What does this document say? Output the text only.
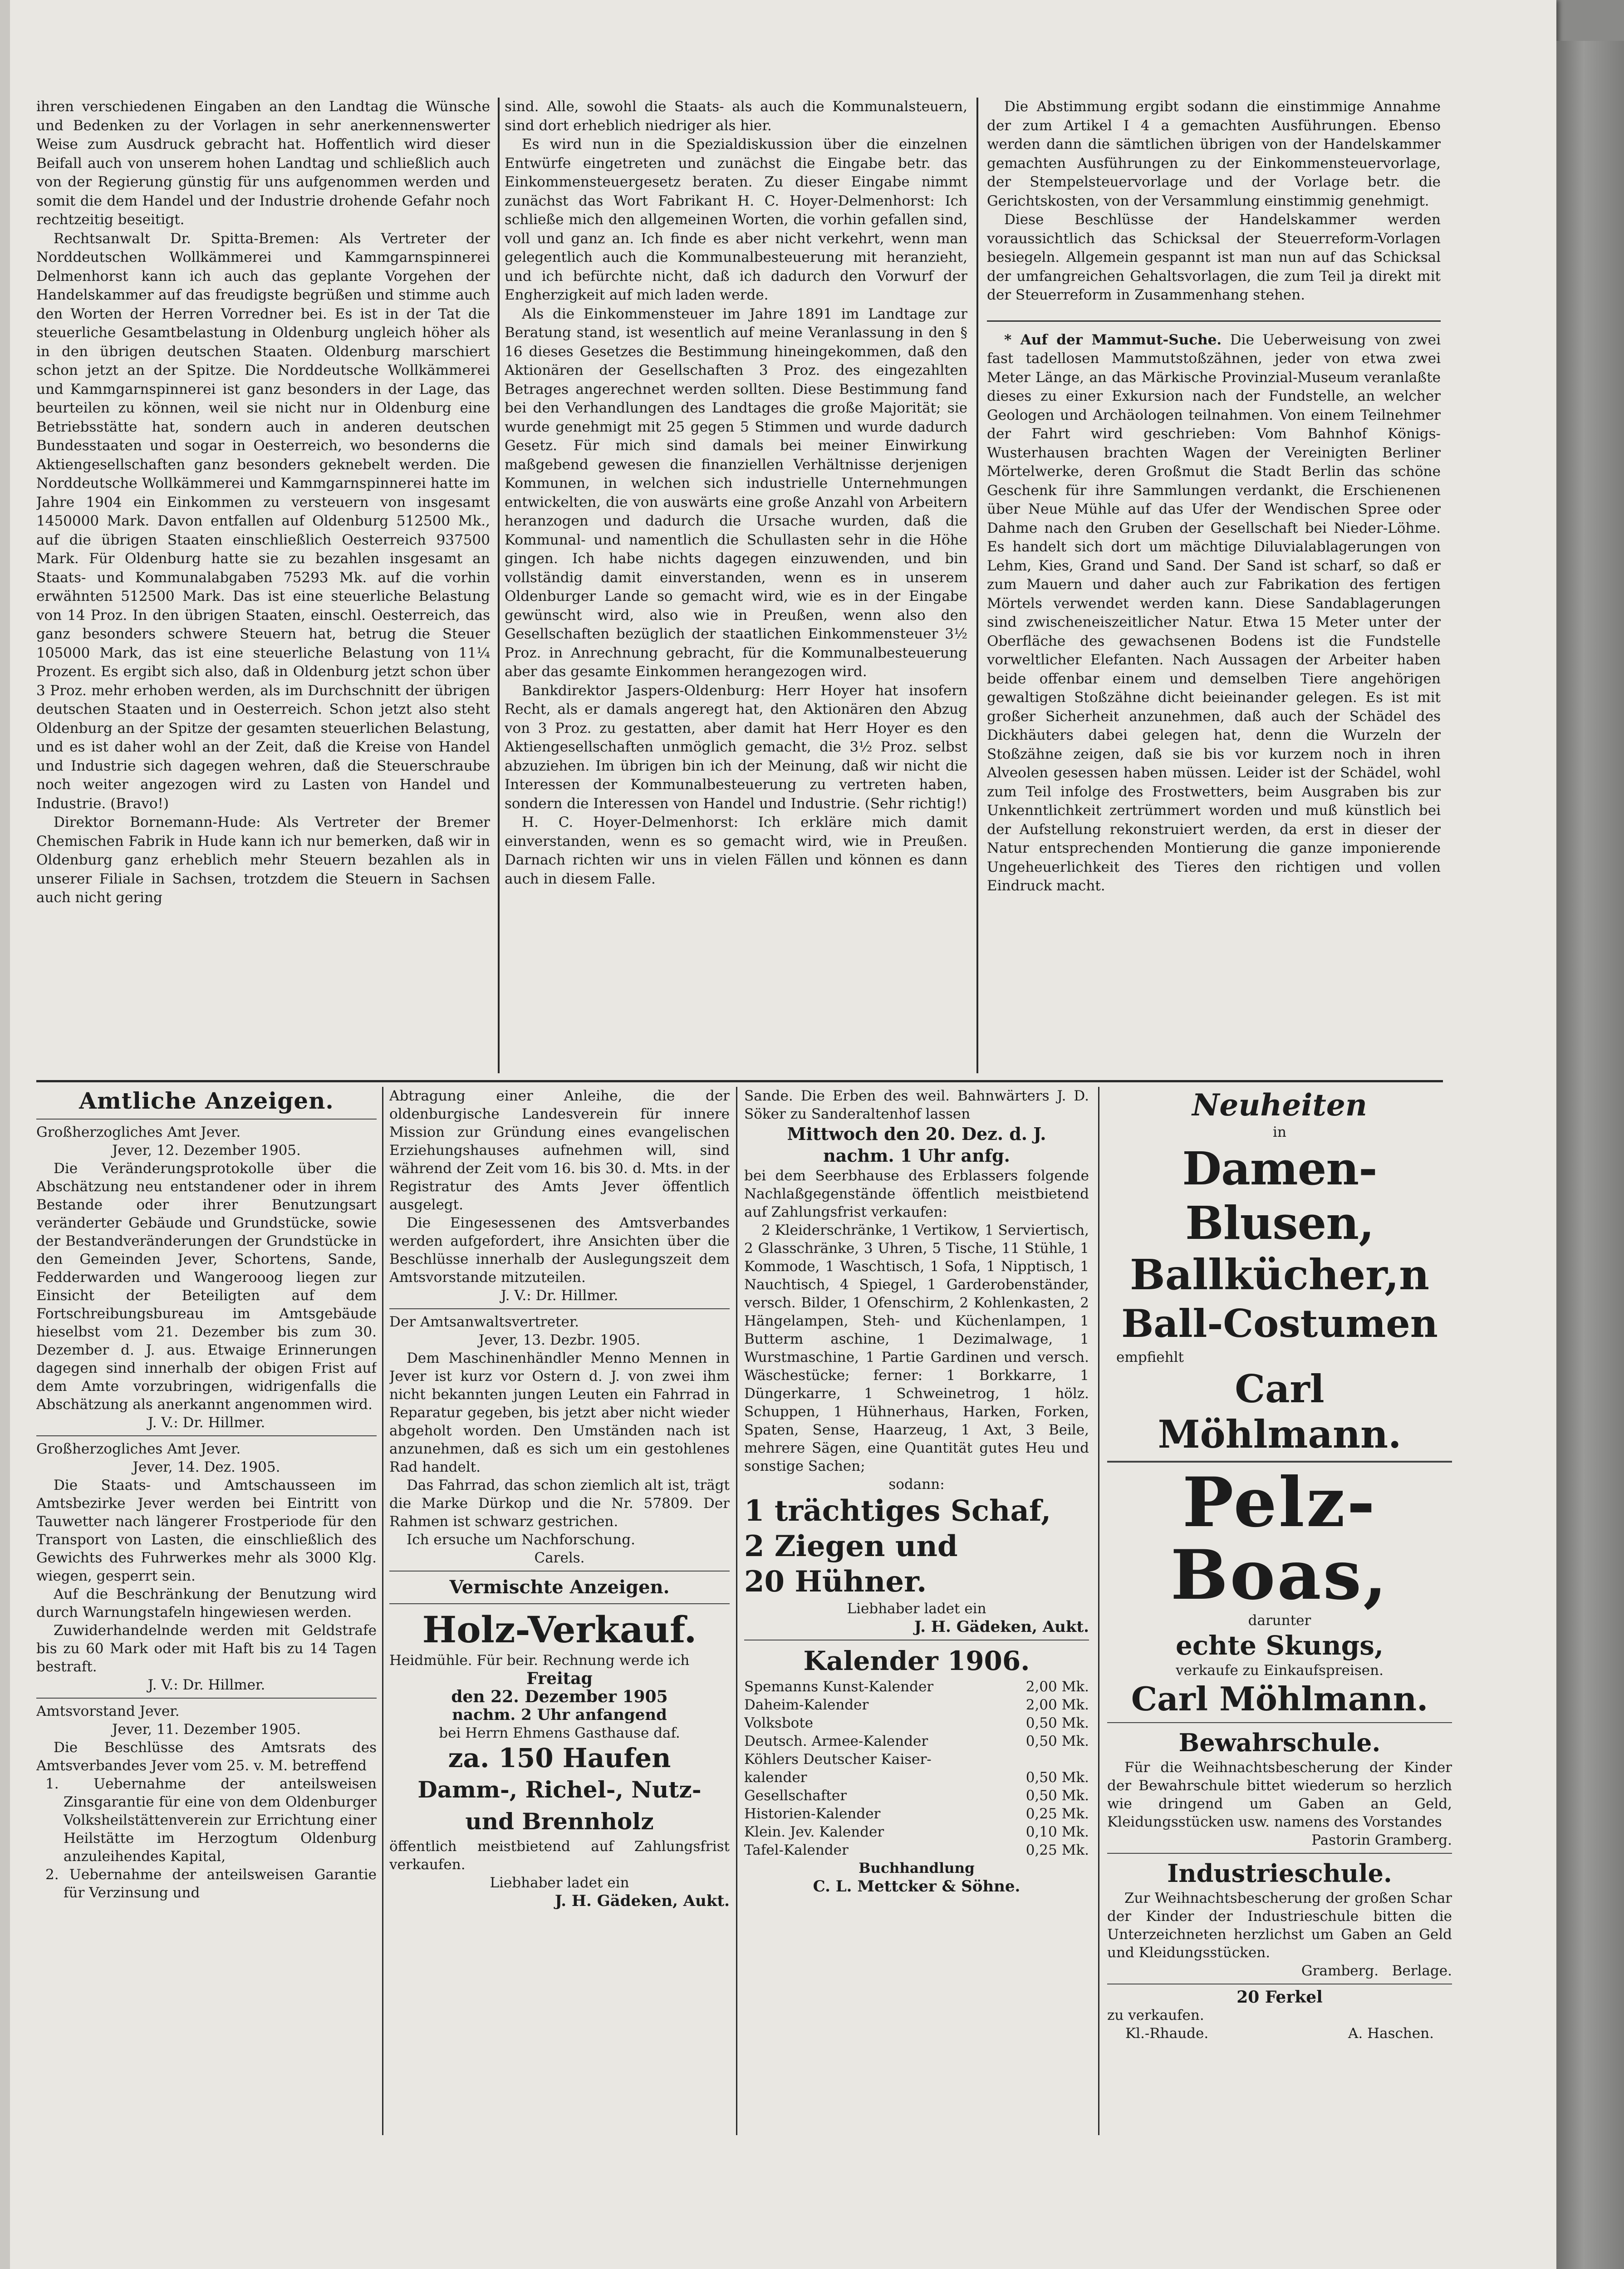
ihren verschiedenen Eingaben an den Landtag die Wünsche und Bedenken zu der Vorlagen in sehr anerkennenswerter Weise zum Ausdruck gebracht hat. Hoffentlich wird dieser Beifall auch von unserem hohen Landtag und schließlich auch von der Regierung günstig für uns aufgenommen werden und somit die dem Handel und der Industrie drohende Gefahr noch rechtzeitig beseitigt.

Rechtsanwalt Dr. Spitta-Bremen: Als Vertreter der Norddeutschen Wollkämmerei und Kammgarnspinnerei Delmenhorst kann ich auch das geplante Vorgehen der Handelskammer auf das freudigste begrüßen und stimme auch den Worten der Herren Vorredner bei. Es ist in der Tat die steuerliche Gesamtbelastung in Oldenburg ungleich höher als in den übrigen deutschen Staaten. Oldenburg marschiert schon jetzt an der Spitze. Die Norddeutsche Wollkämmerei und Kammgarnspinnerei ist ganz besonders in der Lage, das beurteilen zu können, weil sie nicht nur in Oldenburg eine Betriebsstätte hat, sondern auch in anderen deutschen Bundesstaaten und sogar in Oesterreich, wo besonderns die Aktiengesellschaften ganz besonders geknebelt werden. Die Norddeutsche Wollkämmerei und Kammgarnspinnerei hatte im Jahre 1904 ein Einkommen zu versteuern von insgesamt 1450000 Mark. Davon entfallen auf Oldenburg 512500 Mk., auf die übrigen Staaten einschließlich Oesterreich 937500 Mark. Für Oldenburg hatte sie zu bezahlen insgesamt an Staats- und Kommunalabgaben 75293 Mk. auf die vorhin erwähnten 512500 Mark. Das ist eine steuerliche Belastung von 14 Proz. In den übrigen Staaten, einschl. Oesterreich, das ganz besonders schwere Steuern hat, betrug die Steuer 105000 Mark, das ist eine steuerliche Belastung von 11¼ Prozent. Es ergibt sich also, daß in Oldenburg jetzt schon über 3 Proz. mehr erhoben werden, als im Durchschnitt der übrigen deutschen Staaten und in Oesterreich. Schon jetzt also steht Oldenburg an der Spitze der gesamten steuerlichen Belastung, und es ist daher wohl an der Zeit, daß die Kreise von Handel und Industrie sich dagegen wehren, daß die Steuerschraube noch weiter angezogen wird zu Lasten von Handel und Industrie. (Bravo!)

Direktor Bornemann-Hude: Als Vertreter der Bremer Chemischen Fabrik in Hude kann ich nur bemerken, daß wir in Oldenburg ganz erheblich mehr Steuern bezahlen als in unserer Filiale in Sachsen, trotzdem die Steuern in Sachsen auch nicht gering

sind. Alle, sowohl die Staats- als auch die Kommunalsteuern, sind dort erheblich niedriger als hier.

Es wird nun in die Spezialdiskussion über die einzelnen Entwürfe eingetreten und zunächst die Eingabe betr. das Einkommensteuergesetz beraten. Zu dieser Eingabe nimmt zunächst das Wort Fabrikant H. C. Hoyer-Delmenhorst: Ich schließe mich den allgemeinen Worten, die vorhin gefallen sind, voll und ganz an. Ich finde es aber nicht verkehrt, wenn man gelegentlich auch die Kommunalbesteuerung mit heranzieht, und ich befürchte nicht, daß ich dadurch den Vorwurf der Engherzigkeit auf mich laden werde.

Als die Einkommensteuer im Jahre 1891 im Landtage zur Beratung stand, ist wesentlich auf meine Veranlassung in den § 16 dieses Gesetzes die Bestimmung hineingekommen, daß den Aktionären der Gesellschaften 3 Proz. des eingezahlten Betrages angerechnet werden sollten. Diese Bestimmung fand bei den Verhandlungen des Landtages die große Majorität; sie wurde genehmigt mit 25 gegen 5 Stimmen und wurde dadurch Gesetz. Für mich sind damals bei meiner Einwirkung maßgebend gewesen die finanziellen Verhältnisse derjenigen Kommunen, in welchen sich industrielle Unternehmungen entwickelten, die von auswärts eine große Anzahl von Arbeitern heranzogen und dadurch die Ursache wurden, daß die Kommunal- und namentlich die Schullasten sehr in die Höhe gingen. Ich habe nichts dagegen einzuwenden, und bin vollständig damit einverstanden, wenn es in unserem Oldenburger Lande so gemacht wird, wie es in der Eingabe gewünscht wird, also wie in Preußen, wenn also den Gesellschaften bezüglich der staatlichen Einkommensteuer 3½ Proz. in Anrechnung gebracht, für die Kommunalbesteuerung aber das gesamte Einkommen herangezogen wird.

Bankdirektor Jaspers-Oldenburg: Herr Hoyer hat insofern Recht, als er damals angeregt hat, den Aktionären den Abzug von 3 Proz. zu gestatten, aber damit hat Herr Hoyer es den Aktiengesellschaften unmöglich gemacht, die 3½ Proz. selbst abzuziehen. Im übrigen bin ich der Meinung, daß wir nicht die Interessen der Kommunalbesteuerung zu vertreten haben, sondern die Interessen von Handel und Industrie. (Sehr richtig!)

H. C. Hoyer-Delmenhorst: Ich erkläre mich damit einverstanden, wenn es so gemacht wird, wie in Preußen. Darnach richten wir uns in vielen Fällen und können es dann auch in diesem Falle.

Die Abstimmung ergibt sodann die einstimmige Annahme der zum Artikel I 4 a gemachten Ausführungen. Ebenso werden dann die sämtlichen übrigen von der Handelskammer gemachten Ausführungen zu der Einkommensteuervorlage, der Stempelsteuervorlage und der Vorlage betr. die Gerichtskosten, von der Versammlung einstimmig genehmigt.

Diese Beschlüsse der Handelskammer werden voraussichtlich das Schicksal der Steuerreform-Vorlagen besiegeln. Allgemein gespannt ist man nun auf das Schicksal der umfangreichen Gehaltsvorlagen, die zum Teil ja direkt mit der Steuerreform in Zusammenhang stehen.

* Auf der Mammut-Suche. Die Ueberweisung von zwei fast tadellosen Mammutstoßzähnen, jeder von etwa zwei Meter Länge, an das Märkische Provinzial-Museum veranlaßte dieses zu einer Exkursion nach der Fundstelle, an welcher Geologen und Archäologen teilnahmen. Von einem Teilnehmer der Fahrt wird geschrieben: Vom Bahnhof Königs-Wusterhausen brachten Wagen der Vereinigten Berliner Mörtelwerke, deren Großmut die Stadt Berlin das schöne Geschenk für ihre Sammlungen verdankt, die Erschienenen über Neue Mühle auf das Ufer der Wendischen Spree oder Dahme nach den Gruben der Gesellschaft bei Nieder-Löhme. Es handelt sich dort um mächtige Diluvialablagerungen von Lehm, Kies, Grand und Sand. Der Sand ist scharf, so daß er zum Mauern und daher auch zur Fabrikation des fertigen Mörtels verwendet werden kann. Diese Sandablagerungen sind zwischeneiszeitlicher Natur. Etwa 15 Meter unter der Oberfläche des gewachsenen Bodens ist die Fundstelle vorweltlicher Elefanten. Nach Aussagen der Arbeiter haben beide offenbar einem und demselben Tiere angehörigen gewaltigen Stoßzähne dicht beieinander gelegen. Es ist mit großer Sicherheit anzunehmen, daß auch der Schädel des Dickhäuters dabei gelegen hat, denn die Wurzeln der Stoßzähne zeigen, daß sie bis vor kurzem noch in ihren Alveolen gesessen haben müssen. Leider ist der Schädel, wohl zum Teil infolge des Frostwetters, beim Ausgraben bis zur Unkenntlichkeit zertrümmert worden und muß künstlich bei der Aufstellung rekonstruiert werden, da erst in dieser der Natur entsprechenden Montierung die ganze imponierende Ungeheuerlichkeit des Tieres den richtigen und vollen Eindruck macht.

Amtliche Anzeigen.

Großherzogliches Amt Jever.

Jever, 12. Dezember 1905.

Die Veränderungsprotokolle über die Abschätzung neu entstandener oder in ihrem Bestande oder ihrer Benutzungsart veränderter Gebäude und Grundstücke, sowie der Bestandveränderungen der Grundstücke in den Gemeinden Jever, Schortens, Sande, Fedderwarden und Wangerooog liegen zur Einsicht der Beteiligten auf dem Fortschreibungsbureau im Amtsgebäude hieselbst vom 21. Dezember bis zum 30. Dezember d. J. aus. Etwaige Erinnerungen dagegen sind innerhalb der obigen Frist auf dem Amte vorzubringen, widrigenfalls die Abschätzung als anerkannt angenommen wird.

J. V.: Dr. Hillmer.

Großherzogliches Amt Jever.

Jever, 14. Dez. 1905.

Die Staats- und Amtschausseen im Amtsbezirke Jever werden bei Eintritt von Tauwetter nach längerer Frostperiode für den Transport von Lasten, die einschließlich des Gewichts des Fuhrwerkes mehr als 3000 Klg. wiegen, gesperrt sein.

Auf die Beschränkung der Benutzung wird durch Warnungstafeln hingewiesen werden.

Zuwiderhandelnde werden mit Geldstrafe bis zu 60 Mark oder mit Haft bis zu 14 Tagen bestraft.

J. V.: Dr. Hillmer.

Amtsvorstand Jever.

Jever, 11. Dezember 1905.

Die Beschlüsse des Amtsrats des Amtsverbandes Jever vom 25. v. M. betreffend

1. Uebernahme der anteilsweisen Zinsgarantie für eine von dem Oldenburger Volksheilstättenverein zur Errichtung einer Heilstätte im Herzogtum Oldenburg anzuleihendes Kapital,

2. Uebernahme der anteilsweisen Garantie für Verzinsung und

Abtragung einer Anleihe, die der oldenburgische Landesverein für innere Mission zur Gründung eines evangelischen Erziehungshauses aufnehmen will, sind während der Zeit vom 16. bis 30. d. Mts. in der Registratur des Amts Jever öffentlich ausgelegt.

Die Eingesessenen des Amtsverbandes werden aufgefordert, ihre Ansichten über die Beschlüsse innerhalb der Auslegungszeit dem Amtsvorstande mitzuteilen.

J. V.: Dr. Hillmer.

Der Amtsanwaltsvertreter.

Jever, 13. Dezbr. 1905.

Dem Maschinenhändler Menno Mennen in Jever ist kurz vor Ostern d. J. von zwei ihm nicht bekannten jungen Leuten ein Fahrrad in Reparatur gegeben, bis jetzt aber nicht wieder abgeholt worden. Den Umständen nach ist anzunehmen, daß es sich um ein gestohlenes Rad handelt.

Das Fahrrad, das schon ziemlich alt ist, trägt die Marke Dürkop und die Nr. 57809. Der Rahmen ist schwarz gestrichen.

Ich ersuche um Nachforschung.

Carels.

Vermischte Anzeigen.

Holz-Verkauf.

Heidmühle. Für beir. Rechnung werde ich

Freitag

den 22. Dezember 1905

nachm. 2 Uhr anfangend

bei Herrn Ehmens Gasthause daf.

za. 150 Haufen

Damm-, Richel-, Nutz-

und Brennholz

öffentlich meistbietend auf Zahlungsfrist verkaufen.

Liebhaber ladet ein

J. H. Gädeken, Aukt.

Sande. Die Erben des weil. Bahnwärters J. D. Söker zu Sanderaltenhof lassen

Mittwoch den 20. Dez. d. J.

nachm. 1 Uhr anfg.

bei dem Seerbhause des Erblassers folgende Nachlaßgegenstände öffentlich meistbietend auf Zahlungsfrist verkaufen:

2 Kleiderschränke, 1 Vertikow, 1 Serviertisch, 2 Glasschränke, 3 Uhren, 5 Tische, 11 Stühle, 1 Kommode, 1 Waschtisch, 1 Sofa, 1 Nipptisch, 1 Nauchtisch, 4 Spiegel, 1 Garderobenständer, versch. Bilder, 1 Ofenschirm, 2 Kohlenkasten, 2 Hängelampen, Steh- und Küchenlampen, 1 Butterm aschine, 1 Dezimalwage, 1 Wurstmaschine, 1 Partie Gardinen und versch. Wäschestücke; ferner: 1 Borkkarre, 1 Düngerkarre, 1 Schweinetrog, 1 hölz. Schuppen, 1 Hühnerhaus, Harken, Forken, Spaten, Sense, Haarzeug, 1 Axt, 3 Beile, mehrere Sägen, eine Quantität gutes Heu und sonstige Sachen;

sodann:

1 trächtiges Schaf,

2 Ziegen und

20 Hühner.

Liebhaber ladet ein

J. H. Gädeken, Aukt.

Kalender 1906.

Spemanns Kunst-Kalender	2,00 Mk.
Daheim-Kalender	2,00 Mk.
Volksbote	0,50 Mk.
Deutsch. Armee-Kalender	0,50 Mk.
Köhlers Deutscher Kaiser-	
kalender	0,50 Mk.
Gesellschafter	0,50 Mk.
Historien-Kalender	0,25 Mk.
Klein. Jev. Kalender	0,10 Mk.
Tafel-Kalender	0,25 Mk.

Buchhandlung

C. L. Mettcker & Söhne.

Neuheiten

in

Damen-Blusen,

Ballkücher,n

Ball-Costumen

empfiehlt

Carl Möhlmann.

Pelz-Boas,

darunter

echte Skungs,

verkaufe zu Einkaufspreisen.

Carl Möhlmann.

Bewahrschule.

Für die Weihnachtsbescherung der Kinder der Bewahrschule bittet wiederum so herzlich wie dringend um Gaben an Geld, Kleidungsstücken usw. namens des Vorstandes

Pastorin Gramberg.

Industrieschule.

Zur Weihnachtsbescherung der großen Schar der Kinder der Industrieschule bitten die Unterzeichneten herzlichst um Gaben an Geld und Kleidungsstücken.

Gramberg. Berlage.

20 Ferkel

zu verkaufen.

Kl.-Rhaude.	A. Haschen.
